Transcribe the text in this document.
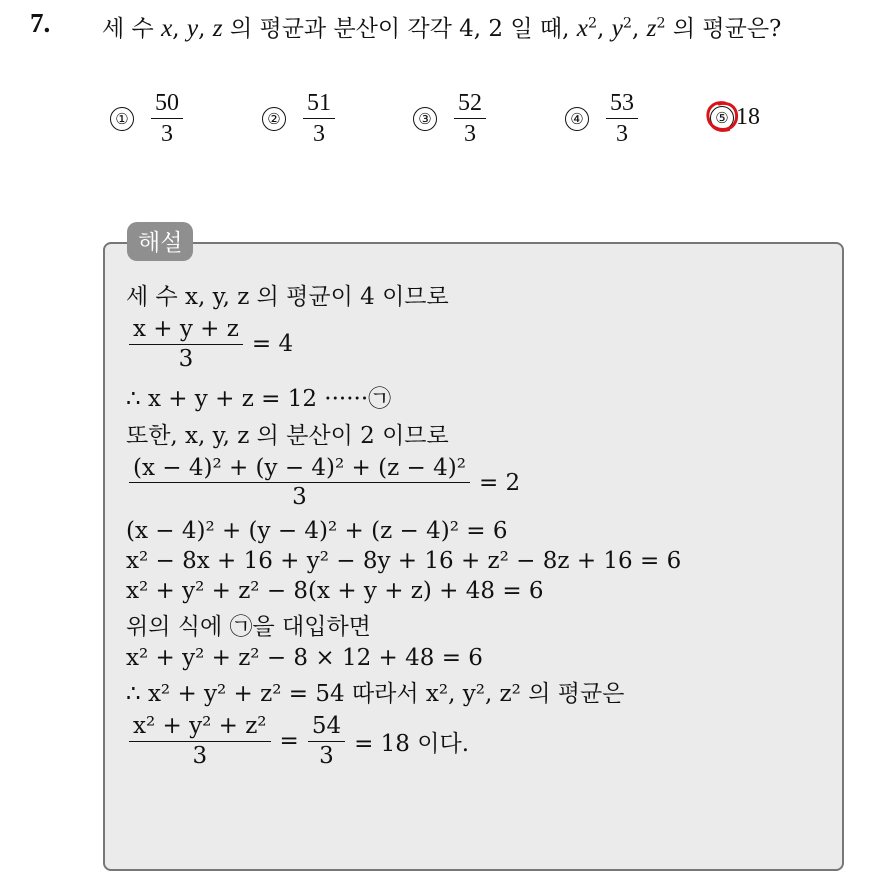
7. 세 수 x, y, z 의 평균과 분산이 각각 4, 2 일 때, $x^2$, $y^2$, $z^2$ 의 평균은?
① $\frac{50}{3}$	② $\frac{51}{3}$	③ $\frac{52}{3}$	④ $\frac{53}{3}$	⑤ 18
해설
세 수 x, y, z 의 평균이 4 이므로
$\frac{x + y + z}{3} = 4$
∴ x + y + z = 12 ······㉠
또한, x, y, z 의 분산이 2 이므로
$\frac{\text{(x − 4)² + (y − 4)² + (z − 4)²}}{3} = 2$
(x − 4)² + (y − 4)² + (z − 4)² = 6
x² − 8x + 16 + y² − 8y + 16 + z² − 8z + 16 = 6
x² + y² + z² − 8(x + y + z) + 48 = 6
위의 식에 ㉠을 대입하면
x² + y² + z² − 8 × 12 + 48 = 6
∴ x² + y² + z² = 54 따라서 x², y², z² 의 평균은
$\frac{\text{x² + y² + z²}}{3} = \frac{54}{3} = 18$ 이다.
